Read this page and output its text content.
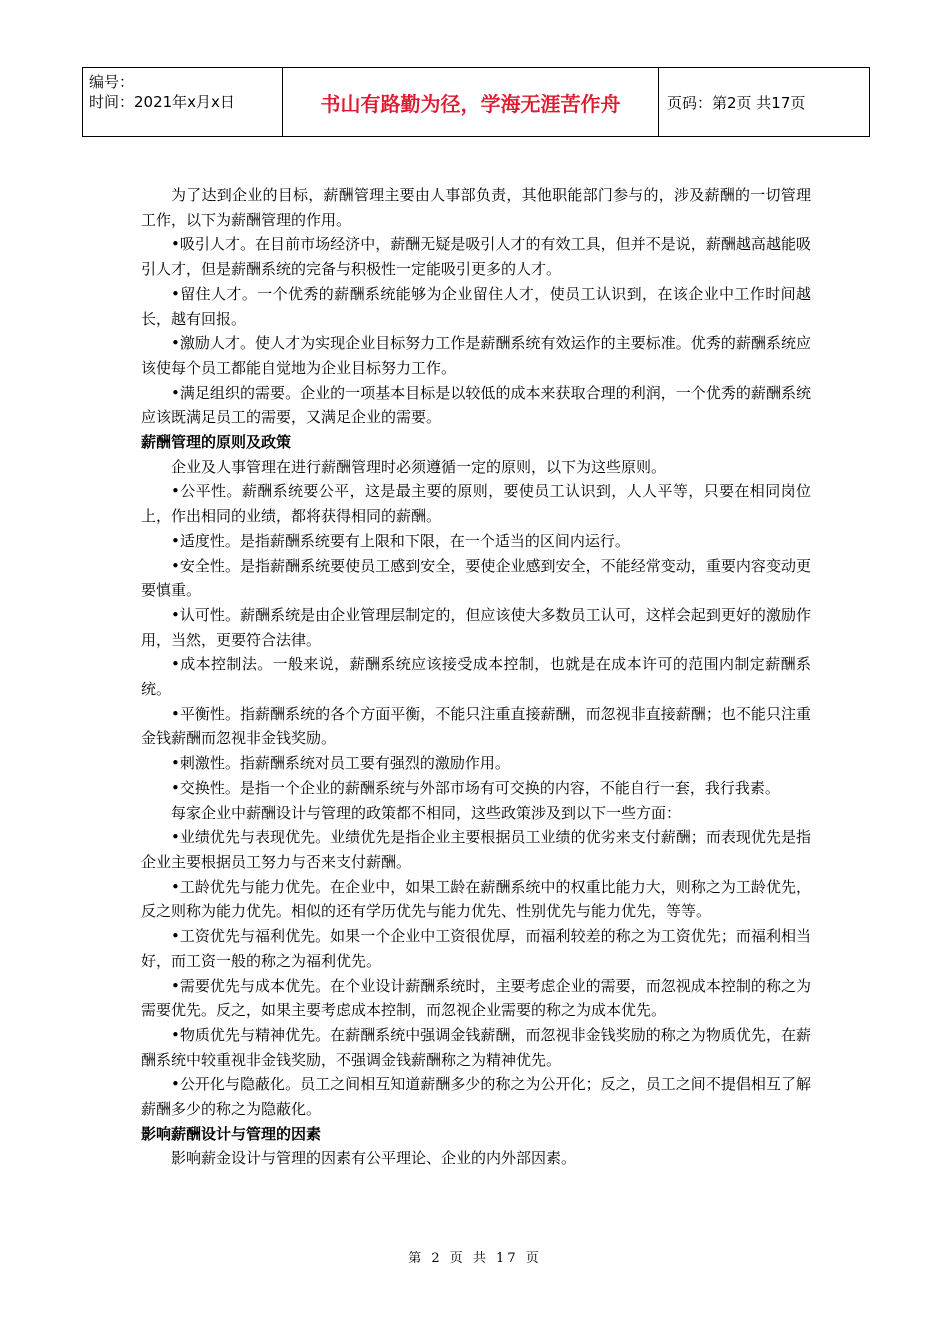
编号：
时间：2021年x月x日	书山有路勤为径，学海无涯苦作舟	页码：第2页 共17页

为了达到企业的目标，薪酬管理主要由人事部负责，其他职能部门参与的，涉及薪酬的一切管理工作，以下为薪酬管理的作用。

•吸引人才。在目前市场经济中，薪酬无疑是吸引人才的有效工具，但并不是说，薪酬越高越能吸引人才，但是薪酬系统的完备与积极性一定能吸引更多的人才。

•留住人才。一个优秀的薪酬系统能够为企业留住人才，使员工认识到，在该企业中工作时间越长，越有回报。

•激励人才。使人才为实现企业目标努力工作是薪酬系统有效运作的主要标准。优秀的薪酬系统应该使每个员工都能自觉地为企业目标努力工作。

•满足组织的需要。企业的一项基本目标是以较低的成本来获取合理的利润，一个优秀的薪酬系统应该既满足员工的需要，又满足企业的需要。

薪酬管理的原则及政策

企业及人事管理在进行薪酬管理时必须遵循一定的原则，以下为这些原则。

•公平性。薪酬系统要公平，这是最主要的原则，要使员工认识到，人人平等，只要在相同岗位上，作出相同的业绩，都将获得相同的薪酬。

•适度性。是指薪酬系统要有上限和下限，在一个适当的区间内运行。

•安全性。是指薪酬系统要使员工感到安全，要使企业感到安全，不能经常变动，重要内容变动更要慎重。

•认可性。薪酬系统是由企业管理层制定的，但应该使大多数员工认可，这样会起到更好的激励作用，当然，更要符合法律。

•成本控制法。一般来说，薪酬系统应该接受成本控制，也就是在成本许可的范围内制定薪酬系统。

•平衡性。指薪酬系统的各个方面平衡，不能只注重直接薪酬，而忽视非直接薪酬；也不能只注重金钱薪酬而忽视非金钱奖励。

•刺激性。指薪酬系统对员工要有强烈的激励作用。

•交换性。是指一个企业的薪酬系统与外部市场有可交换的内容，不能自行一套，我行我素。

每家企业中薪酬设计与管理的政策都不相同，这些政策涉及到以下一些方面：

•业绩优先与表现优先。业绩优先是指企业主要根据员工业绩的优劣来支付薪酬；而表现优先是指企业主要根据员工努力与否来支付薪酬。

•工龄优先与能力优先。在企业中，如果工龄在薪酬系统中的权重比能力大，则称之为工龄优先，反之则称为能力优先。相似的还有学历优先与能力优先、性别优先与能力优先，等等。

•工资优先与福利优先。如果一个企业中工资很优厚，而福利较差的称之为工资优先；而福利相当好，而工资一般的称之为福利优先。

•需要优先与成本优先。在个业设计薪酬系统时，主要考虑企业的需要，而忽视成本控制的称之为需要优先。反之，如果主要考虑成本控制，而忽视企业需要的称之为成本优先。

•物质优先与精神优先。在薪酬系统中强调金钱薪酬，而忽视非金钱奖励的称之为物质优先，在薪酬系统中较重视非金钱奖励，不强调金钱薪酬称之为精神优先。

•公开化与隐蔽化。员工之间相互知道薪酬多少的称之为公开化；反之，员工之间不提倡相互了解薪酬多少的称之为隐蔽化。

影响薪酬设计与管理的因素

影响薪金设计与管理的因素有公平理论、企业的内外部因素。

第 2 页 共 17 页
